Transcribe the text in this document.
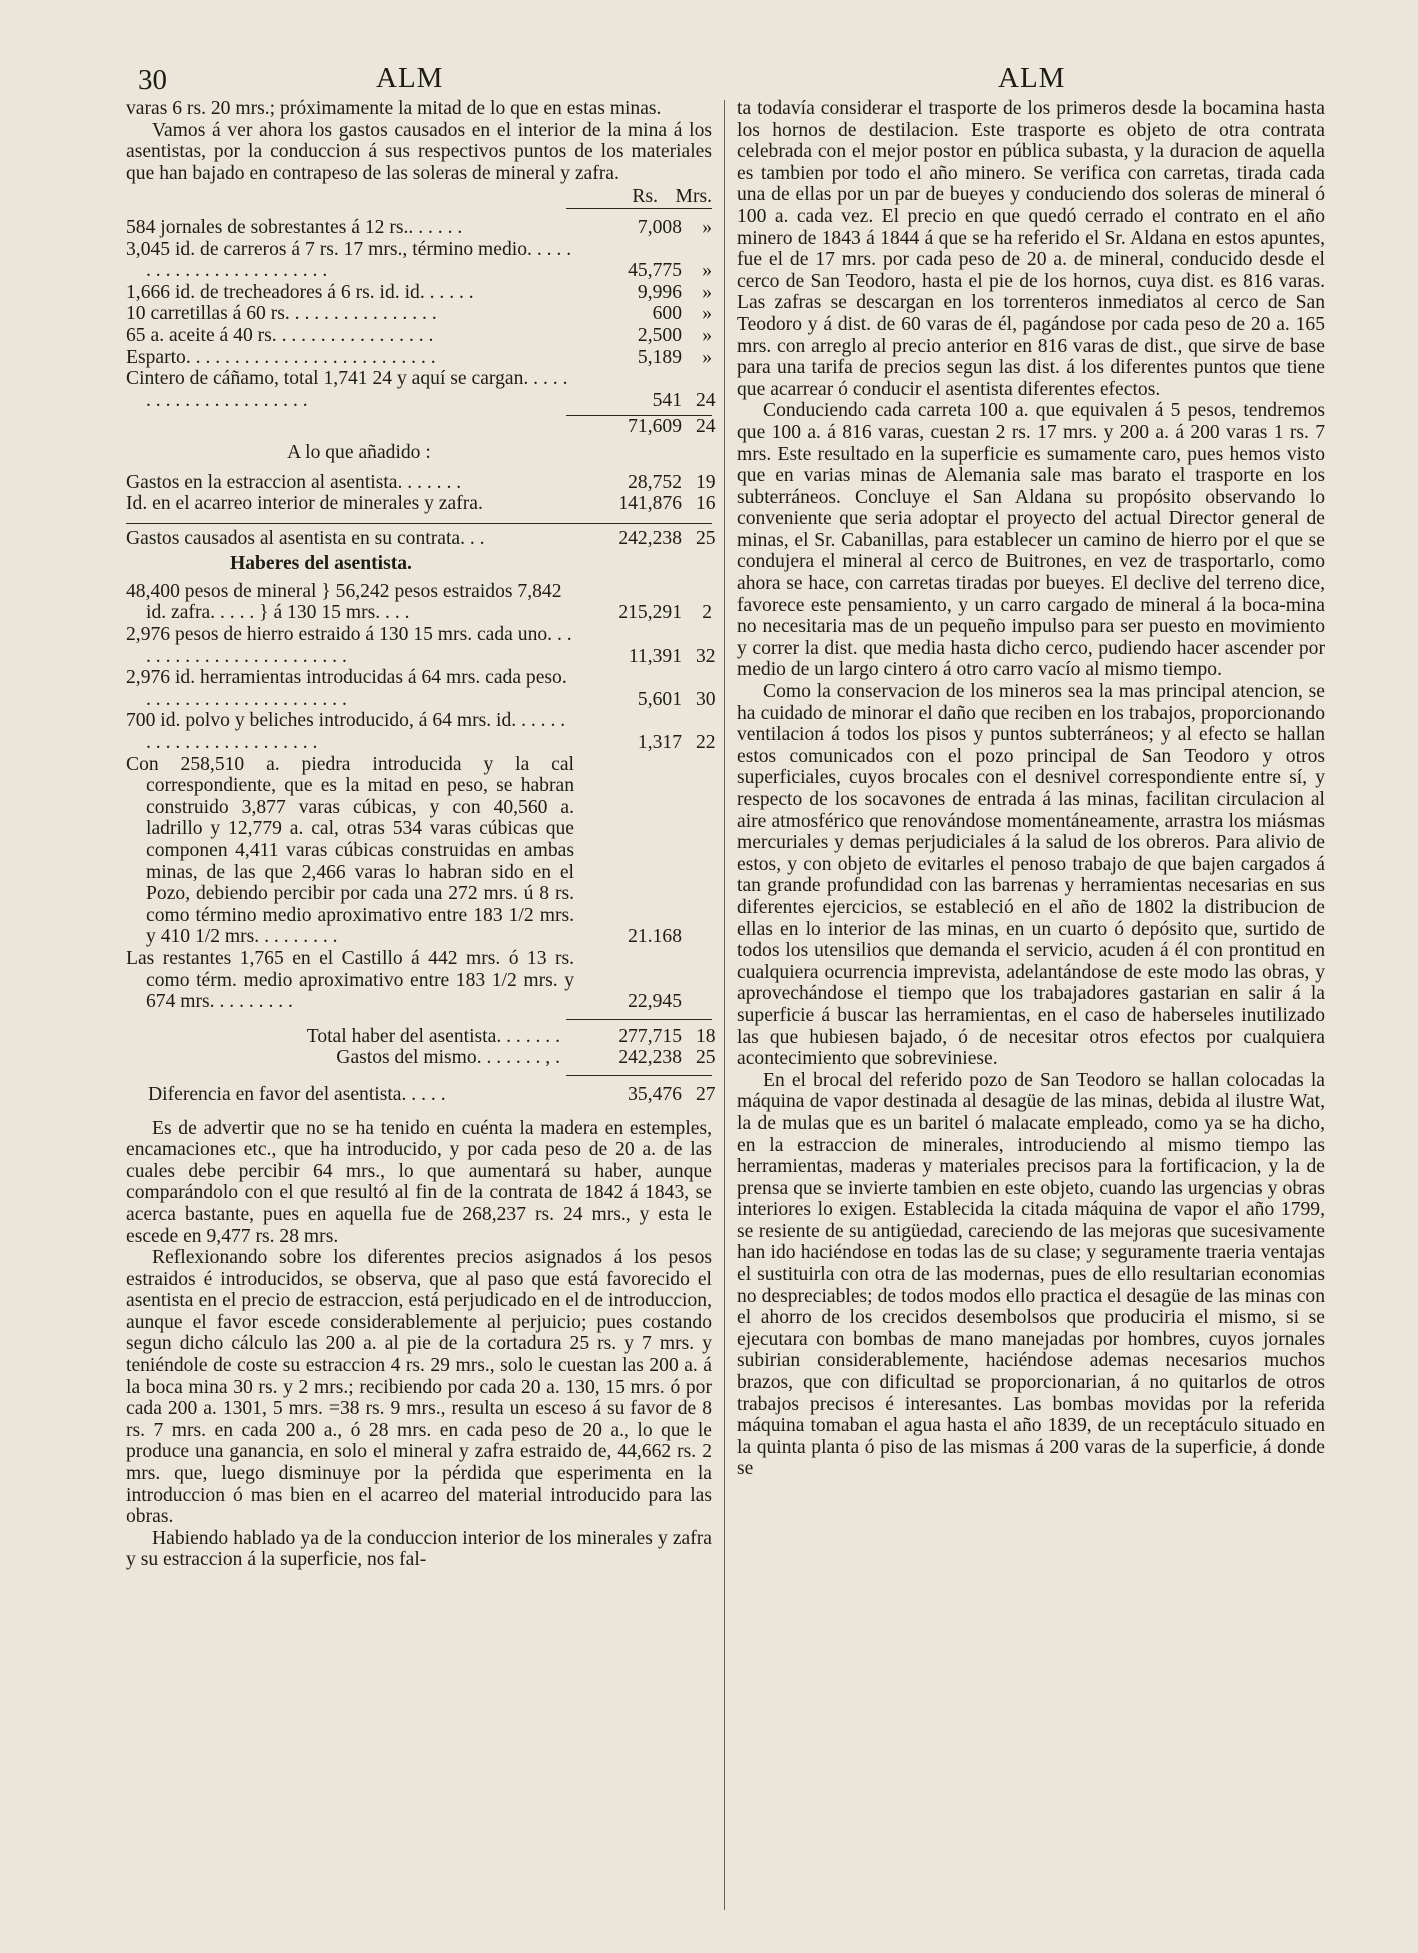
30	ALM	ALM

varas 6 rs. 20 mrs.; próximamente la mitad de lo que en estas minas.

Vamos á ver ahora los gastos causados en el interior de la mina á los asentistas, por la conduccion á sus respectivos puntos de los materiales que han bajado en contrapeso de las soleras de mineral y zafra.

Rs. Mrs.
584 jornales de sobrestantes á 12 rs.. . . . . .	7,008	»
3,045 id. de carreros á 7 rs. 17 mrs., término medio. . . . . . . . . . . . . . . . . . . . . . . .	45,775	»
1,666 id. de trecheadores á 6 rs. id. id. . . . . .	9,996	»
10 carretillas á 60 rs. . . . . . . . . . . . . . . .	600	»
65 a. aceite á 40 rs. . . . . . . . . . . . . . . . .	2,500	»
Esparto. . . . . . . . . . . . . . . . . . . . . . . . . .	5,189	»
Cintero de cáñamo, total 1,741 24 y aquí se cargan. . . . . . . . . . . . . . . . . . . . . .	541 24
71,609 24
A lo que añadido :
Gastos en la estraccion al asentista. . . . . . .	28,752 19
Id. en el acarreo interior de minerales y zafra.	141,876 16
Gastos causados al asentista en su contrata. . .	242,238 25
Haberes del asentista.
48,400 pesos de mineral } 56,242 pesos estraidos 7,842 id. zafra. . . . . } á 130 15 mrs. . . .	215,291	2
2,976 pesos de hierro estraido á 130 15 mrs. cada uno. . . . . . . . . . . . . . . . . . . . . . . .	11,391 32
2,976 id. herramientas introducidas á 64 mrs. cada peso. . . . . . . . . . . . . . . . . . . . . .	5,601 30
700 id. polvo y beliches introducido, á 64 mrs. id. . . . . . . . . . . . . . . . . . . . . . . .	1,317 22
Con 258,510 a. piedra introducida y la cal correspondiente, que es la mitad en peso, se habran construido 3,877 varas cúbicas, y con 40,560 a. ladrillo y 12,779 a. cal, otras 534 varas cúbicas que componen 4,411 varas cúbicas construidas en ambas minas, de las que 2,466 varas lo habran sido en el Pozo, debiendo percibir por cada una 272 mrs. ú 8 rs. como término medio aproximativo entre 183 1/2 mrs. y 410 1/2 mrs. . . . . . . . .	21.168
Las restantes 1,765 en el Castillo á 442 mrs. ó 13 rs. como térm. medio aproximativo entre 183 1/2 mrs. y 674 mrs. . . . . . . . .	22,945
Total haber del asentista. . . . . . .	277,715 18
Gastos del mismo. . . . . . . , .	242,238 25
Diferencia en favor del asentista. . . . .	35,476 27

Es de advertir que no se ha tenido en cuénta la madera en estemples, encamaciones etc., que ha introducido, y por cada peso de 20 a. de las cuales debe percibir 64 mrs., lo que aumentará su haber, aunque comparándolo con el que resultó al fin de la contrata de 1842 á 1843, se acerca bastante, pues en aquella fue de 268,237 rs. 24 mrs., y esta le escede en 9,477 rs. 28 mrs.

Reflexionando sobre los diferentes precios asignados á los pesos estraidos é introducidos, se observa, que al paso que está favorecido el asentista en el precio de estraccion, está perjudicado en el de introduccion, aunque el favor escede considerablemente al perjuicio; pues costando segun dicho cálculo las 200 a. al pie de la cortadura 25 rs. y 7 mrs. y teniéndole de coste su estraccion 4 rs. 29 mrs., solo le cuestan las 200 a. á la boca mina 30 rs. y 2 mrs.; recibiendo por cada 20 a. 130, 15 mrs. ó por cada 200 a. 1301, 5 mrs. =38 rs. 9 mrs., resulta un esceso á su favor de 8 rs. 7 mrs. en cada 200 a., ó 28 mrs. en cada peso de 20 a., lo que le produce una ganancia, en solo el mineral y zafra estraido de, 44,662 rs. 2 mrs. que, luego disminuye por la pérdida que esperimenta en la introduccion ó mas bien en el acarreo del material introducido para las obras.

Habiendo hablado ya de la conduccion interior de los minerales y zafra y su estraccion á la superficie, nos fal-

ta todavía considerar el trasporte de los primeros desde la bocamina hasta los hornos de destilacion. Este trasporte es objeto de otra contrata celebrada con el mejor postor en pública subasta, y la duracion de aquella es tambien por todo el año minero. Se verifica con carretas, tirada cada una de ellas por un par de bueyes y conduciendo dos soleras de mineral ó 100 a. cada vez. El precio en que quedó cerrado el contrato en el año minero de 1843 á 1844 á que se ha referido el Sr. Aldana en estos apuntes, fue el de 17 mrs. por cada peso de 20 a. de mineral, conducido desde el cerco de San Teodoro, hasta el pie de los hornos, cuya dist. es 816 varas. Las zafras se descargan en los torrenteros inmediatos al cerco de San Teodoro y á dist. de 60 varas de él, pagándose por cada peso de 20 a. 165 mrs. con arreglo al precio anterior en 816 varas de dist., que sirve de base para una tarifa de precios segun las dist. á los diferentes puntos que tiene que acarrear ó conducir el asentista diferentes efectos.

Conduciendo cada carreta 100 a. que equivalen á 5 pesos, tendremos que 100 a. á 816 varas, cuestan 2 rs. 17 mrs. y 200 a. á 200 varas 1 rs. 7 mrs. Este resultado en la superficie es sumamente caro, pues hemos visto que en varias minas de Alemania sale mas barato el trasporte en los subterráneos. Concluye el San Aldana su propósito observando lo conveniente que seria adoptar el proyecto del actual Director general de minas, el Sr. Cabanillas, para establecer un camino de hierro por el que se condujera el mineral al cerco de Buitrones, en vez de trasportarlo, como ahora se hace, con carretas tiradas por bueyes. El declive del terreno dice, favorece este pensamiento, y un carro cargado de mineral á la boca-mina no necesitaria mas de un pequeño impulso para ser puesto en movimiento y correr la dist. que media hasta dicho cerco, pudiendo hacer ascender por medio de un largo cintero á otro carro vacío al mismo tiempo.

Como la conservacion de los mineros sea la mas principal atencion, se ha cuidado de minorar el daño que reciben en los trabajos, proporcionando ventilacion á todos los pisos y puntos subterráneos; y al efecto se hallan estos comunicados con el pozo principal de San Teodoro y otros superficiales, cuyos brocales con el desnivel correspondiente entre sí, y respecto de los socavones de entrada á las minas, facilitan circulacion al aire atmosférico que renovándose momentáneamente, arrastra los miásmas mercuriales y demas perjudiciales á la salud de los obreros. Para alivio de estos, y con objeto de evitarles el penoso trabajo de que bajen cargados á tan grande profundidad con las barrenas y herramientas necesarias en sus diferentes ejercicios, se estableció en el año de 1802 la distribucion de ellas en lo interior de las minas, en un cuarto ó depósito que, surtido de todos los utensilios que demanda el servicio, acuden á él con prontitud en cualquiera ocurrencia imprevista, adelantándose de este modo las obras, y aprovechándose el tiempo que los trabajadores gastarian en salir á la superficie á buscar las herramientas, en el caso de haberseles inutilizado las que hubiesen bajado, ó de necesitar otros efectos por cualquiera acontecimiento que sobreviniese.

En el brocal del referido pozo de San Teodoro se hallan colocadas la máquina de vapor destinada al desagüe de las minas, debida al ilustre Wat, la de mulas que es un baritel ó malacate empleado, como ya se ha dicho, en la estraccion de minerales, introduciendo al mismo tiempo las herramientas, maderas y materiales precisos para la fortificacion, y la de prensa que se invierte tambien en este objeto, cuando las urgencias y obras interiores lo exigen. Establecida la citada máquina de vapor el año 1799, se resiente de su antigüedad, careciendo de las mejoras que sucesivamente han ido haciéndose en todas las de su clase; y seguramente traeria ventajas el sustituirla con otra de las modernas, pues de ello resultarian economias no despreciables; de todos modos ello practica el desagüe de las minas con el ahorro de los crecidos desembolsos que produciria el mismo, si se ejecutara con bombas de mano manejadas por hombres, cuyos jornales subirian considerablemente, haciéndose ademas necesarios muchos brazos, que con dificultad se proporcionarian, á no quitarlos de otros trabajos precisos é interesantes. Las bombas movidas por la referida máquina tomaban el agua hasta el año 1839, de un receptáculo situado en la quinta planta ó piso de las mismas á 200 varas de la superficie, á donde se
